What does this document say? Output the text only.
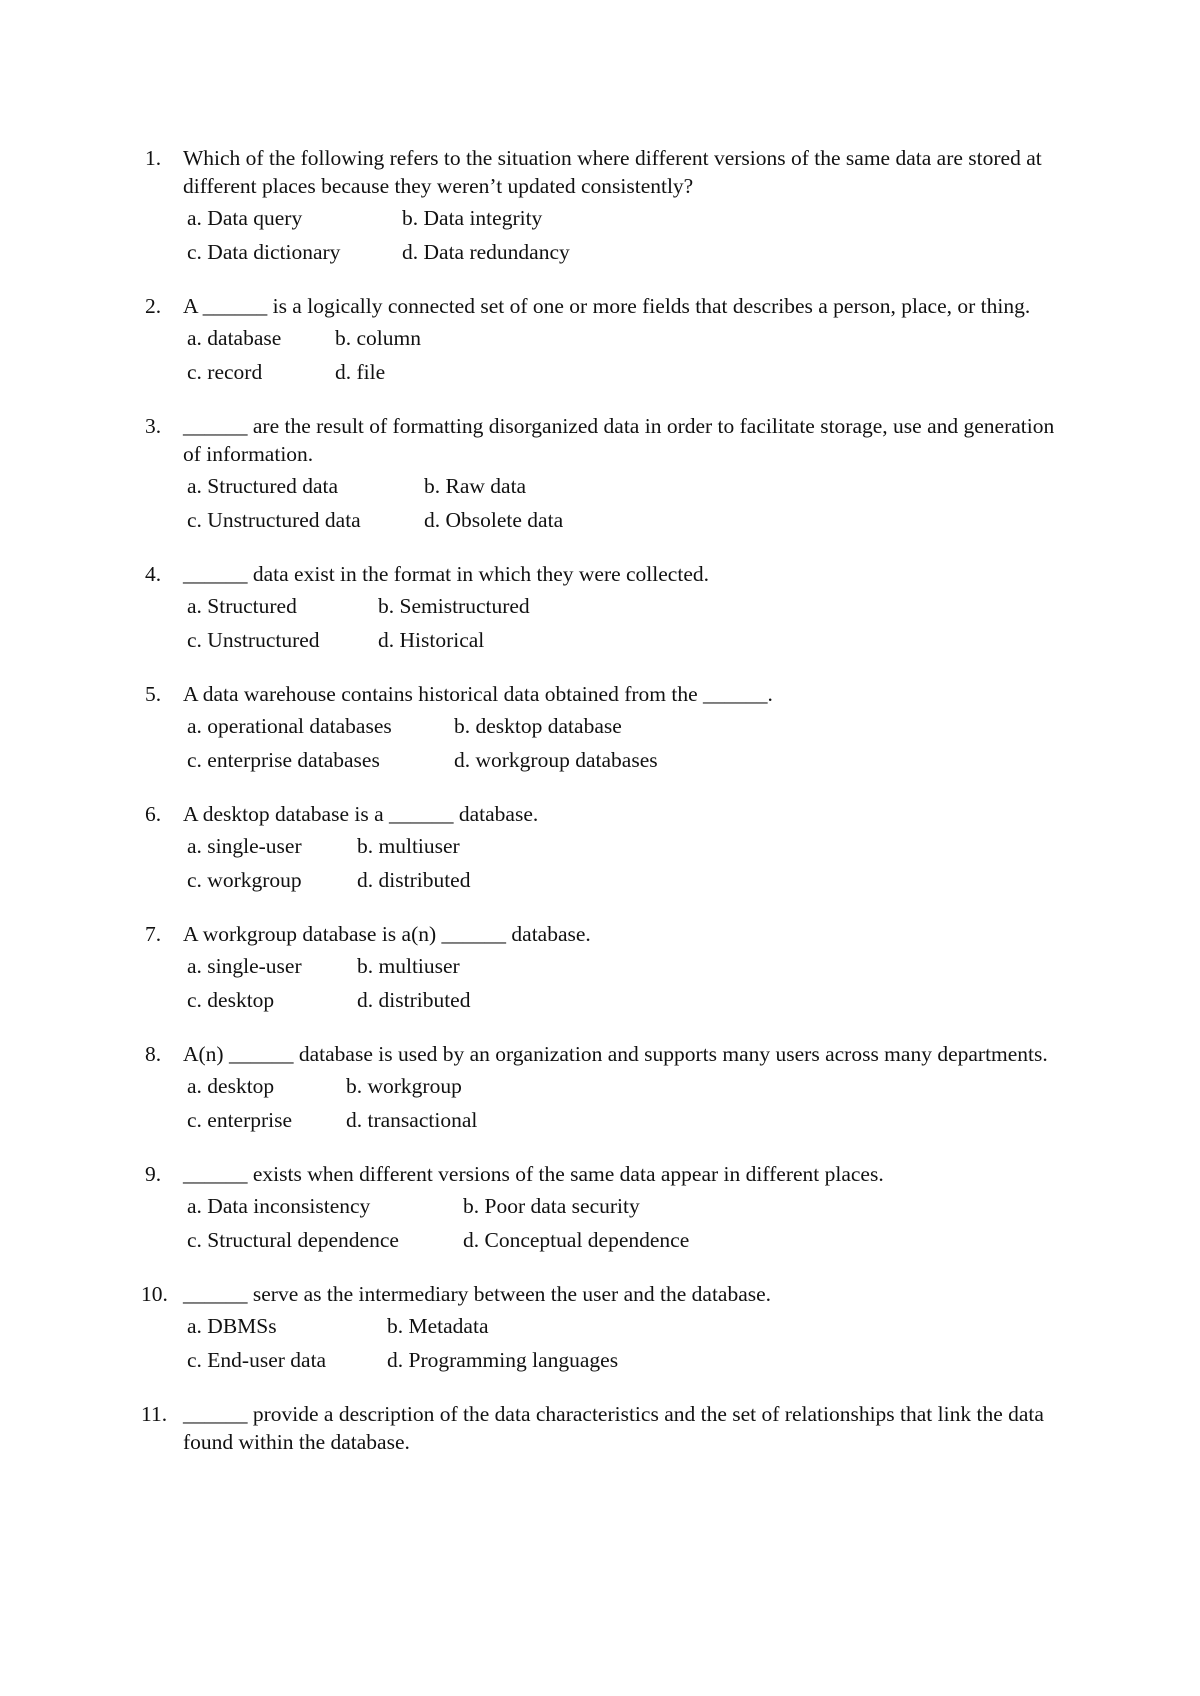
1. Which of the following refers to the situation where different versions of the same data are stored at different places because they weren’t updated consistently?
a. Data query	b. Data integrity
c. Data dictionary	d. Data redundancy
2. A ______ is a logically connected set of one or more fields that describes a person, place, or thing.
a. database	b. column
c. record	d. file
3. ______ are the result of formatting disorganized data in order to facilitate storage, use and generation of information.
a. Structured data	b. Raw data
c. Unstructured data	d. Obsolete data
4. ______ data exist in the format in which they were collected.
a. Structured	b. Semistructured
c. Unstructured	d. Historical
5. A data warehouse contains historical data obtained from the ______.
a. operational databases	b. desktop database
c. enterprise databases	d. workgroup databases
6. A desktop database is a ______ database.
a. single-user	b. multiuser
c. workgroup	d. distributed
7. A workgroup database is a(n) ______ database.
a. single-user	b. multiuser
c. desktop	d. distributed
8. A(n) ______ database is used by an organization and supports many users across many departments.
a. desktop	b. workgroup
c. enterprise	d. transactional
9. ______ exists when different versions of the same data appear in different places.
a. Data inconsistency	b. Poor data security
c. Structural dependence	d. Conceptual dependence
10. ______ serve as the intermediary between the user and the database.
a. DBMSs	b. Metadata
c. End-user data	d. Programming languages
11. ______ provide a description of the data characteristics and the set of relationships that link the data found within the database.
